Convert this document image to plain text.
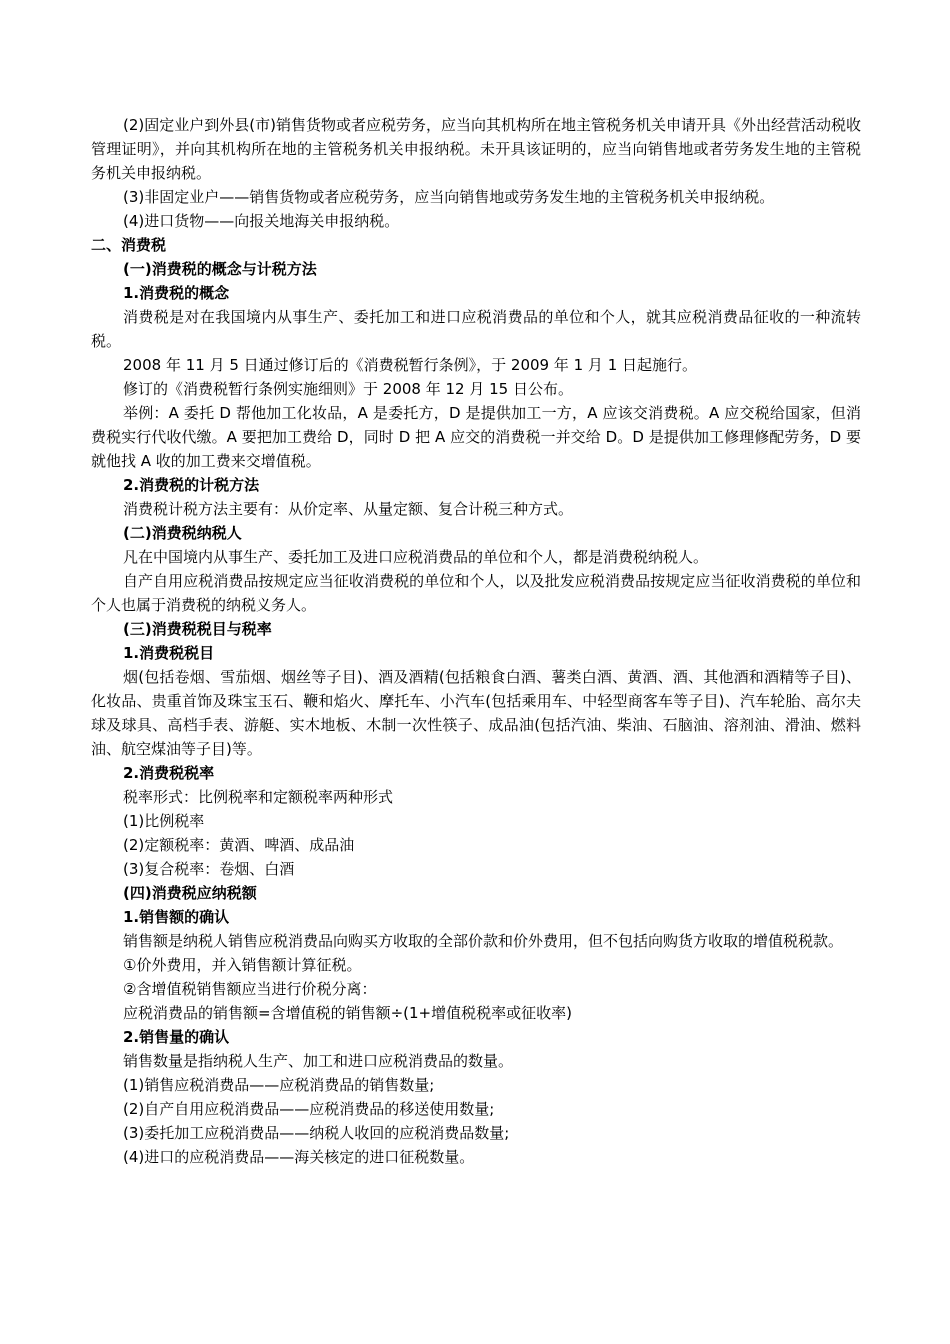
(2)固定业户到外县(市)销售货物或者应税劳务，应当向其机构所在地主管税务机关申请开具《外出经营活动税收管理证明》，并向其机构所在地的主管税务机关申报纳税。未开具该证明的，应当向销售地或者劳务发生地的主管税务机关申报纳税。

(3)非固定业户——销售货物或者应税劳务，应当向销售地或劳务发生地的主管税务机关申报纳税。

(4)进口货物——向报关地海关申报纳税。

二、消费税

(一)消费税的概念与计税方法

1.消费税的概念

消费税是对在我国境内从事生产、委托加工和进口应税消费品的单位和个人，就其应税消费品征收的一种流转税。

2008 年 11 月 5 日通过修订后的《消费税暂行条例》，于 2009 年 1 月 1 日起施行。

修订的《消费税暂行条例实施细则》于 2008 年 12 月 15 日公布。

举例：A 委托 D 帮他加工化妆品，A 是委托方，D 是提供加工一方，A 应该交消费税。A 应交税给国家，但消费税实行代收代缴。A 要把加工费给 D，同时 D 把 A 应交的消费税一并交给 D。D 是提供加工修理修配劳务，D 要就他找 A 收的加工费来交增值税。

2.消费税的计税方法

消费税计税方法主要有：从价定率、从量定额、复合计税三种方式。

(二)消费税纳税人

凡在中国境内从事生产、委托加工及进口应税消费品的单位和个人，都是消费税纳税人。

自产自用应税消费品按规定应当征收消费税的单位和个人，以及批发应税消费品按规定应当征收消费税的单位和个人也属于消费税的纳税义务人。

(三)消费税税目与税率

1.消费税税目

烟(包括卷烟、雪茄烟、烟丝等子目)、酒及酒精(包括粮食白酒、薯类白酒、黄酒、酒、其他酒和酒精等子目)、化妆品、贵重首饰及珠宝玉石、鞭和焰火、摩托车、小汽车(包括乘用车、中轻型商客车等子目)、汽车轮胎、高尔夫球及球具、高档手表、游艇、实木地板、木制一次性筷子、成品油(包括汽油、柴油、石脑油、溶剂油、滑油、燃料油、航空煤油等子目)等。

2.消费税税率

税率形式：比例税率和定额税率两种形式

(1)比例税率

(2)定额税率：黄酒、啤酒、成品油

(3)复合税率：卷烟、白酒

(四)消费税应纳税额

1.销售额的确认

销售额是纳税人销售应税消费品向购买方收取的全部价款和价外费用，但不包括向购货方收取的增值税税款。

①价外费用，并入销售额计算征税。

②含增值税销售额应当进行价税分离：

应税消费品的销售额=含增值税的销售额÷(1+增值税税率或征收率)

2.销售量的确认

销售数量是指纳税人生产、加工和进口应税消费品的数量。

(1)销售应税消费品——应税消费品的销售数量;

(2)自产自用应税消费品——应税消费品的移送使用数量;

(3)委托加工应税消费品——纳税人收回的应税消费品数量;

(4)进口的应税消费品——海关核定的进口征税数量。
